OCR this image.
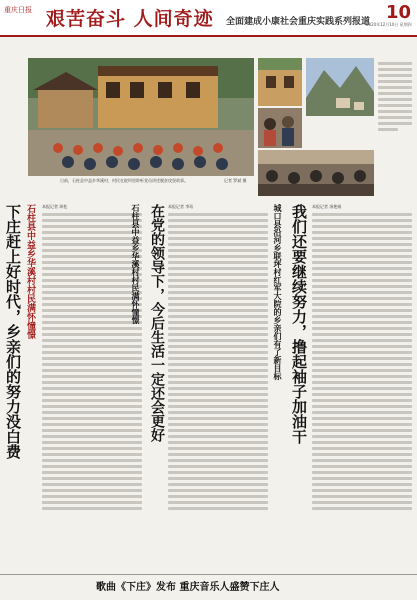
重庆日报 艰苦奋斗 人间奇迹 全面建成小康社会重庆实践系列报道 10
2020年12月10日 星期四
日前，石柱县中益乡华溪村，村民在院坝里聆听党员讲述脱贫攻坚故事。	记者 罗斌 摄
下庄赶上好时代，乡亲们的努力没白费 石柱县中益乡华溪村村民满怀憧憬 本报记者 周松	在党的领导下，今后生活一定还会更好
石柱县中益乡华溪村村民满怀憧憬	本报记者 李珩	我们还要继续努力，撸起袖子加油干
城口县沿河乡联坪村红军大院的乡亲们有了新目标	本报记者 汤艳娟
歌曲《下庄》发布 重庆音乐人盛赞下庄人
